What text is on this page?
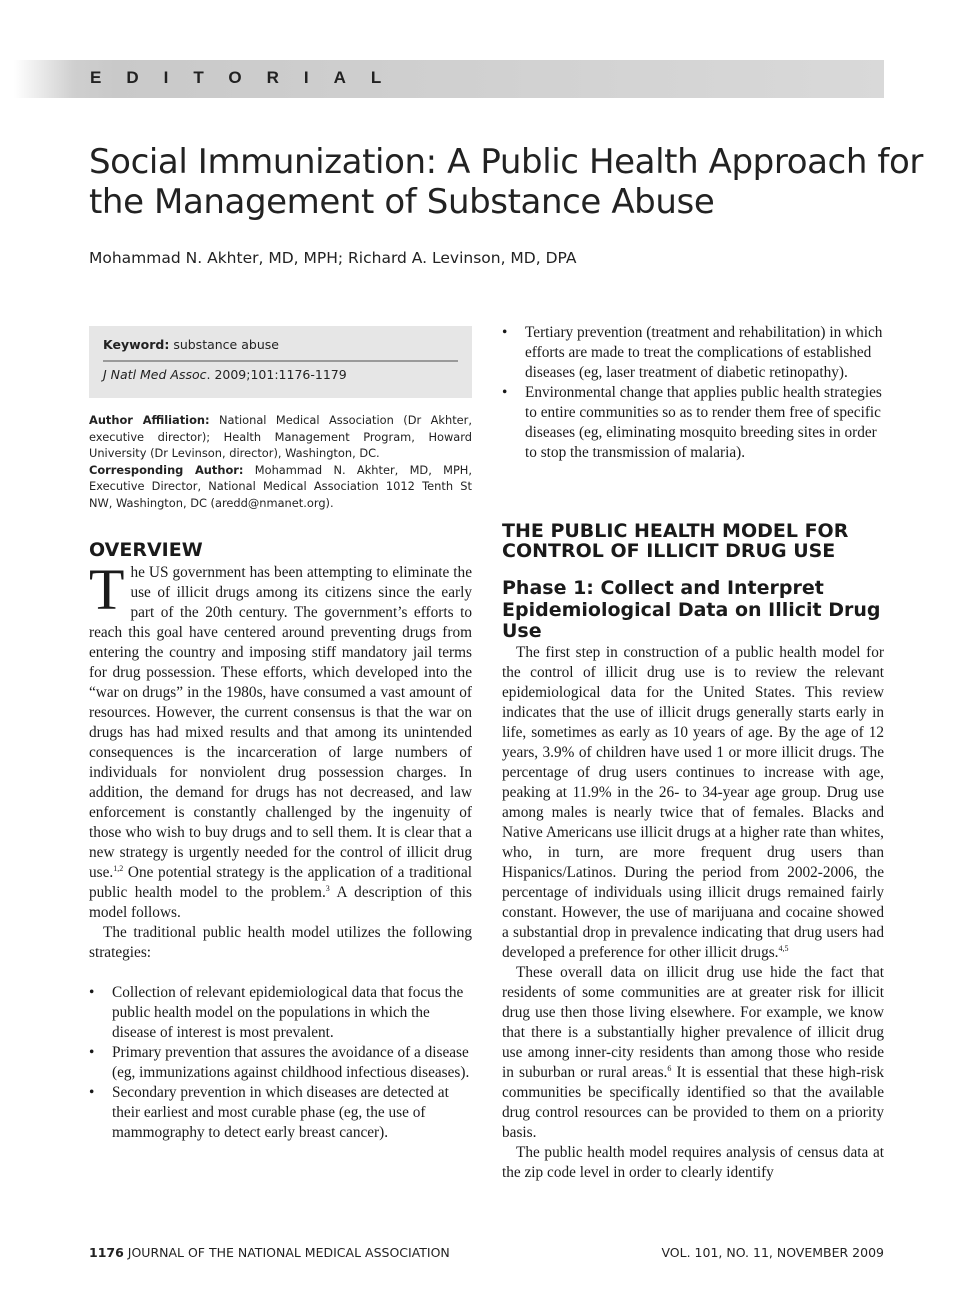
EDITORIAL
Social Immunization: A Public Health Approach for the Management of Substance Abuse
Mohammad N. Akhter, MD, MPH; Richard A. Levinson, MD, DPA
Keyword: substance abuse
J Natl Med Assoc. 2009;101:1176-1179
Author Affiliation: National Medical Association (Dr Akhter, executive director); Health Management Program, Howard University (Dr Levinson, director), Washington, DC.
Corresponding Author: Mohammad N. Akhter, MD, MPH, Executive Director, National Medical Association 1012 Tenth St NW, Washington, DC (aredd@nmanet.org).
OVERVIEW

The US government has been attempting to eliminate the use of illicit drugs among its citizens since the early part of the 20th century. The government’s efforts to reach this goal have centered around preventing drugs from entering the country and imposing stiff mandatory jail terms for drug possession. These efforts, which developed into the “war on drugs” in the 1980s, have consumed a vast amount of resources. However, the current consensus is that the war on drugs has had mixed results and that among its unintended consequences is the incarceration of large numbers of individuals for nonviolent drug possession charges. In addition, the demand for drugs has not decreased, and law enforcement is constantly challenged by the ingenuity of those who wish to buy drugs and to sell them. It is clear that a new strategy is urgently needed for the control of illicit drug use.$^{1,2}$ One potential strategy is the application of a traditional public health model to the problem.$^3$ A description of this model follows.

The traditional public health model utilizes the following strategies:

• Collection of relevant epidemiological data that focus the public health model on the populations in which the disease of interest is most prevalent.
• Primary prevention that assures the avoidance of a disease (eg, immunizations against childhood infectious diseases).
• Secondary prevention in which diseases are detected at their earliest and most curable phase (eg, the use of mammography to detect early breast cancer).
• Tertiary prevention (treatment and rehabilitation) in which efforts are made to treat the complications of established diseases (eg, laser treatment of diabetic retinopathy).
• Environmental change that applies public health strategies to entire communities so as to render them free of specific diseases (eg, eliminating mosquito breeding sites in order to stop the transmission of malaria).
THE PUBLIC HEALTH MODEL FOR CONTROL OF ILLICIT DRUG USE
Phase 1: Collect and Interpret Epidemiological Data on Illicit Drug Use

The first step in construction of a public health model for the control of illicit drug use is to review the relevant epidemiological data for the United States. This review indicates that the use of illicit drugs generally starts early in life, sometimes as early as 10 years of age. By the age of 12 years, 3.9% of children have used 1 or more illicit drugs. The percentage of drug users continues to increase with age, peaking at 11.9% in the 26- to 34-year age group. Drug use among males is nearly twice that of females. Blacks and Native Americans use illicit drugs at a higher rate than whites, who, in turn, are more frequent drug users than Hispanics/Latinos. During the period from 2002-2006, the percentage of individuals using illicit drugs remained fairly constant. However, the use of marijuana and cocaine showed a substantial drop in prevalence indicating that drug users had developed a preference for other illicit drugs.$^{4,5}$

These overall data on illicit drug use hide the fact that residents of some communities are at greater risk for illicit drug use then those living elsewhere. For example, we know that there is a substantially higher prevalence of illicit drug use among inner-city residents than among those who reside in suburban or rural areas.$^6$ It is essential that these high-risk communities be specifically identified so that the available drug control resources can be provided to them on a priority basis.

The public health model requires analysis of census data at the zip code level in order to clearly identify

1176 JOURNAL OF THE NATIONAL MEDICAL ASSOCIATION	VOL. 101, NO. 11, NOVEMBER 2009
